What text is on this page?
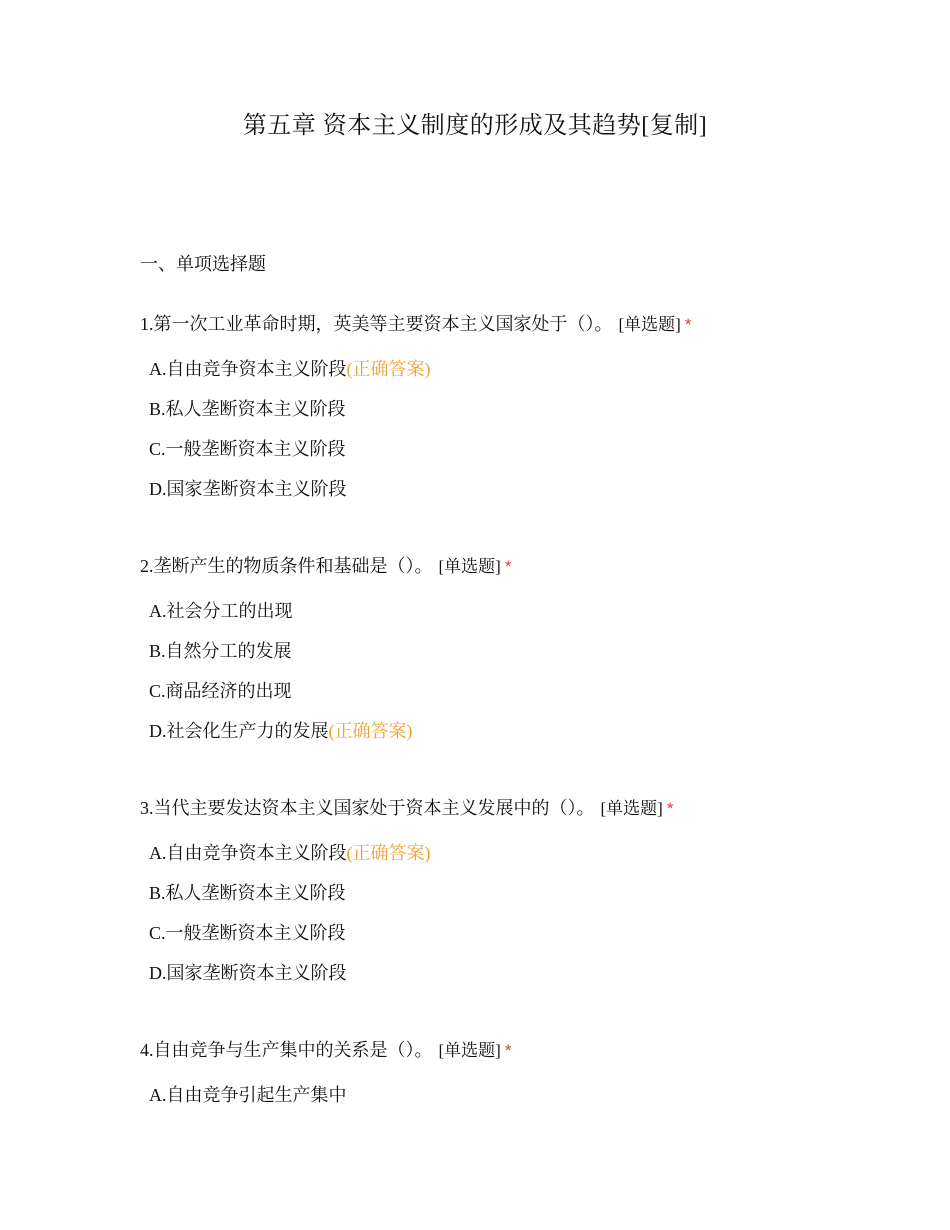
第五章 资本主义制度的形成及其趋势[复制]
一、单项选择题
1.第一次工业革命时期，英美等主要资本主义国家处于（）。 [单选题] *
A.自由竞争资本主义阶段(正确答案)
B.私人垄断资本主义阶段
C.一般垄断资本主义阶段
D.国家垄断资本主义阶段
2.垄断产生的物质条件和基础是（）。 [单选题] *
A.社会分工的出现
B.自然分工的发展
C.商品经济的出现
D.社会化生产力的发展(正确答案)
3.当代主要发达资本主义国家处于资本主义发展中的（）。 [单选题] *
A.自由竞争资本主义阶段(正确答案)
B.私人垄断资本主义阶段
C.一般垄断资本主义阶段
D.国家垄断资本主义阶段
4.自由竞争与生产集中的关系是（）。 [单选题] *
A.自由竞争引起生产集中
